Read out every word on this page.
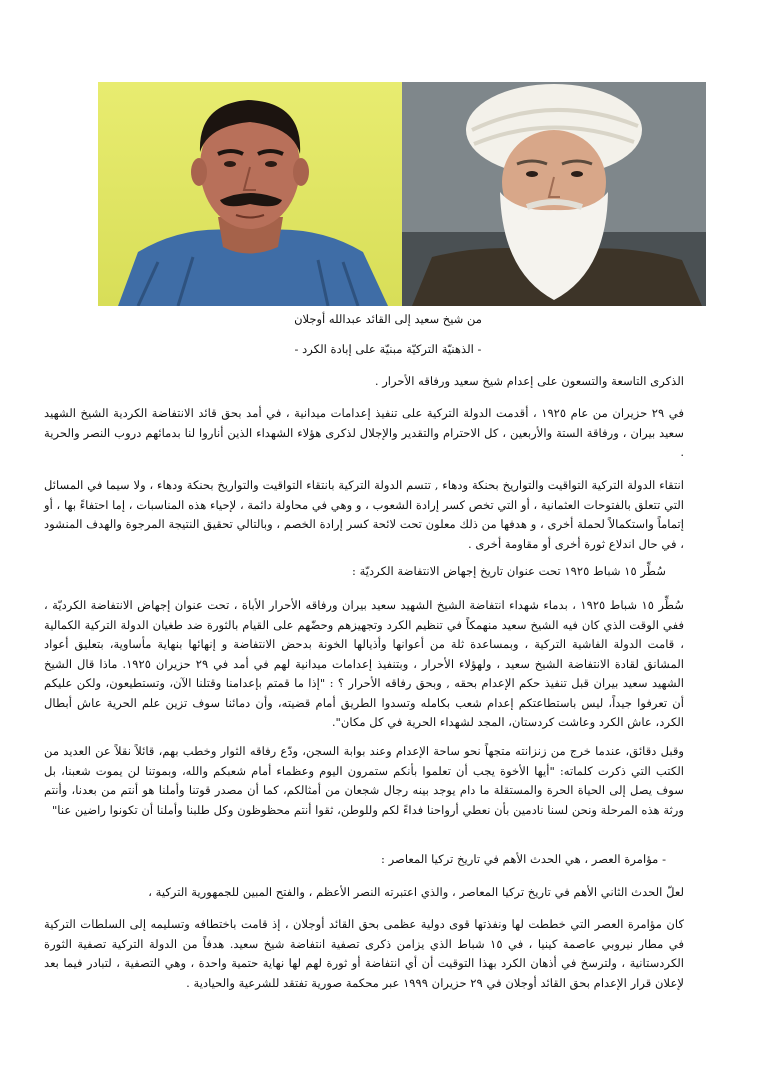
من شيخ سعيد إلى القائد عبدالله أوجلان

- الذهنيّة التركيّة مبنيّة على إبادة الكرد -

الذكرى التاسعة والتسعون على إعدام شيخ سعيد ورفاقه الأحرار .

في ٢٩ حزيران من عام ١٩٢٥ ، أقدمت الدولة التركية على تنفيذ إعدامات ميدانية ، في أمد بحق قائد الانتفاضة الكردية الشيخ الشهيد سعيد بيران ، ورفاقة الستة والأربعين ، كل الاحترام والتقدير والإجلال لذكرى هؤلاء الشهداء الذين أناروا لنا بدمائهم دروب النصر والحرية .

انتقاء الدولة التركية التواقيت والتواريخ بحنكة ودهاء , تتسم الدولة التركية بانتقاء التواقيت والتواريخ بحنكة ودهاء ، ولا سيما في المسائل التي تتعلق بالفتوحات العثمانية ، أو التي تخص كسر إرادة الشعوب ، و وهي في محاولة دائمة ، لإحياء هذه المناسبات ، إما احتفاءً بها ، أو إتماماً واستكمالاً لحملة أخرى ، و هدفها من ذلك معلون تحت لائحة كسر إرادة الخصم ، وبالتالي تحقيق النتيجة المرجوة والهدف المنشود ، في حال اندلاع ثورة أخرى أو مقاومة أخرى .

سُطِّر ١٥ شباط ١٩٢٥ تحت عنوان تاريخ إجهاض الانتفاضة الكرديّة :

سُطِّر ١٥ شباط ١٩٢٥ ، بدماء شهداء انتفاضة الشيخ الشهيد سعيد بيران ورفاقه الأحرار الأباة ، تحت عنوان إجهاض الانتفاضة الكرديّة ، ففي الوقت الذي كان فيه الشيخ سعيد منهمكاً في تنظيم الكرد وتجهيزهم وحضّهم على القيام بالثورة ضد طغيان الدولة التركية الكمالية ، قامت الدولة الفاشية التركية ، وبمساعدة ثلة من أعوانها وأذيالها الخونة بدحض الانتفاضة و إنهائها بنهاية مأساوية، بتعليق أعواد المشانق لقادة الانتفاضة الشيخ سعيد ، ولهؤلاء الأحرار ، وبتنفيذ إعدامات ميدانية لهم في أمد في ٢٩ حزيران ١٩٢٥. ماذا قال الشيخ الشهيد سعيد بيران قبل تنفيذ حكم الإعدام بحقه , وبحق رفاقه الأحرار ؟ : "إذا ما قمتم بإعدامنا وقتلنا الآن، وتستطيعون، ولكن عليكم أن تعرفوا جيداً، ليس باستطاعتكم إعدام شعب بكامله وتسدوا الطريق أمام قضيته، وأن دمائنا سوف تزين علم الحرية عاش أبطال الكرد، عاش الكرد وعاشت كردستان، المجد لشهداء الحرية في كل مكان".

وقبل دقائق، عندما خرج من زنزانته متجهاً نحو ساحة الإعدام وعند بوابة السجن، ودّع رفاقه الثوار وخطب بهم، قائلاً نقلاً عن العديد من الكتب التي ذكرت كلماته: "أيها الأخوة يجب أن تعلموا بأنكم ستمرون اليوم وعظماء أمام شعبكم والله، وبموتنا لن يموت شعبنا، بل سوف يصل إلى الحياة الحرة والمستقلة ما دام يوجد بينه رجال شجعان من أمثالكم، كما أن مصدر قوتنا وأملنا هو أنتم من بعدنا، وأنتم ورثة هذه المرحلة ونحن لسنا نادمين بأن نعطي أرواحنا فداءً لكم وللوطن، ثقوا أنتم محظوظون وكل طلبنا وأملنا أن تكونوا راضين عنا"

- مؤامرة العصر ، هي الحدث الأهم في تاريخ تركيا المعاصر :

لعلّ الحدث الثاني الأهم في تاريخ تركيا المعاصر ، والذي اعتبرته النصر الأعظم ، والفتح المبين للجمهورية التركية ،

كان مؤامرة العصر التي خططت لها ونفذتها قوى دولية عظمى بحق القائد أوجلان ، إذ قامت باختطافه وتسليمه إلى السلطات التركية في مطار نيروبي عاصمة كينيا ، في ١٥ شباط الذي يزامن ذكرى تصفية انتفاضة شيخ سعيد. هدفاً من الدولة التركية تصفية الثورة الكردستانية ، ولترسخ في أذهان الكرد بهذا التوقيت أن أي انتفاضة أو ثورة لهم لها نهاية حتمية واحدة ، وهي التصفية ، لتبادر فيما بعد لإعلان قرار الإعدام بحق القائد أوجلان في ٢٩ حزيران ١٩٩٩ عبر محكمة صورية تفتقد للشرعية والحيادية .
